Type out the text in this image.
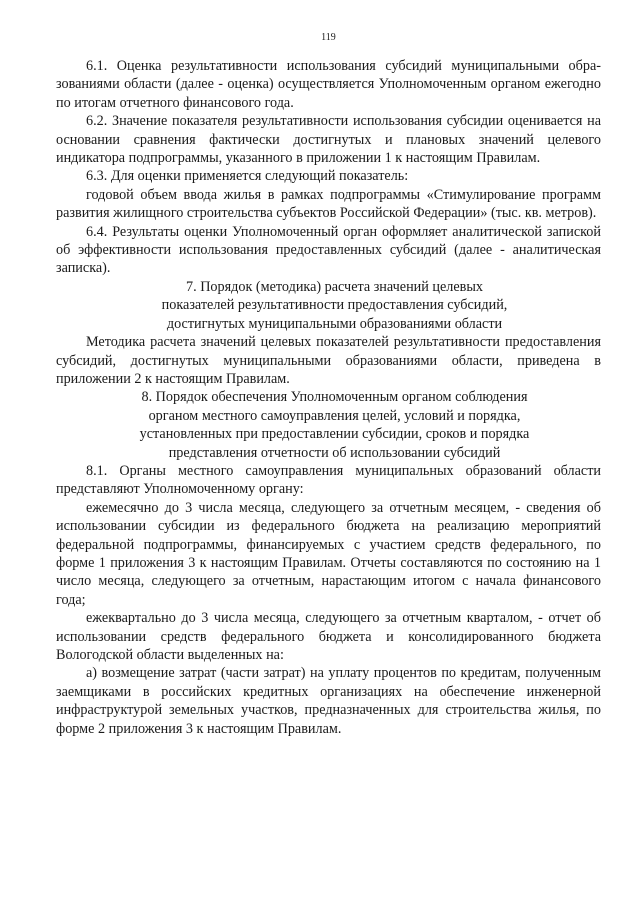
119

6.1. Оценка результативности использования субсидий муниципальными образованиями области (далее - оценка) осуществляется Уполномоченным органом ежегодно по итогам отчетного финансового года.

6.2. Значение показателя результативности использования субсидии оценивается на основании сравнения фактически достигнутых и плановых значений целевого индикатора подпрограммы, указанного в приложении 1 к настоящим Правилам.

6.3. Для оценки применяется следующий показатель:

годовой объем ввода жилья в рамках подпрограммы «Стимулирование программ развития жилищного строительства субъектов Российской Федерации» (тыс. кв. метров).

6.4. Результаты оценки Уполномоченный орган оформляет аналитической запиской об эффективности использования предоставленных субсидий (далее - аналитическая записка).

7. Порядок (методика) расчета значений целевых
показателей результативности предоставления субсидий,
достигнутых муниципальными образованиями области

Методика расчета значений целевых показателей результативности предоставления субсидий, достигнутых муниципальными образованиями области, приведена в приложении 2 к настоящим Правилам.

8. Порядок обеспечения Уполномоченным органом соблюдения
органом местного самоуправления целей, условий и порядка,
установленных при предоставлении субсидии, сроков и порядка
представления отчетности об использовании субсидий

8.1. Органы местного самоуправления муниципальных образований области представляют Уполномоченному органу:

ежемесячно до 3 числа месяца, следующего за отчетным месяцем, - сведения об использовании субсидии из федерального бюджета на реализацию мероприятий федеральной подпрограммы, финансируемых с участием средств федерального, по форме 1 приложения 3 к настоящим Правилам. Отчеты составляются по состоянию на 1 число месяца, следующего за отчетным, нарастающим итогом с начала финансового года;

ежеквартально до 3 числа месяца, следующего за отчетным кварталом, - отчет об использовании средств федерального бюджета и консолидированного бюджета Вологодской области выделенных на:

а) возмещение затрат (части затрат) на уплату процентов по кредитам, полученным заемщиками в российских кредитных организациях на обеспечение инженерной инфраструктурой земельных участков, предназначенных для строительства жилья, по форме 2 приложения 3 к настоящим Правилам.
